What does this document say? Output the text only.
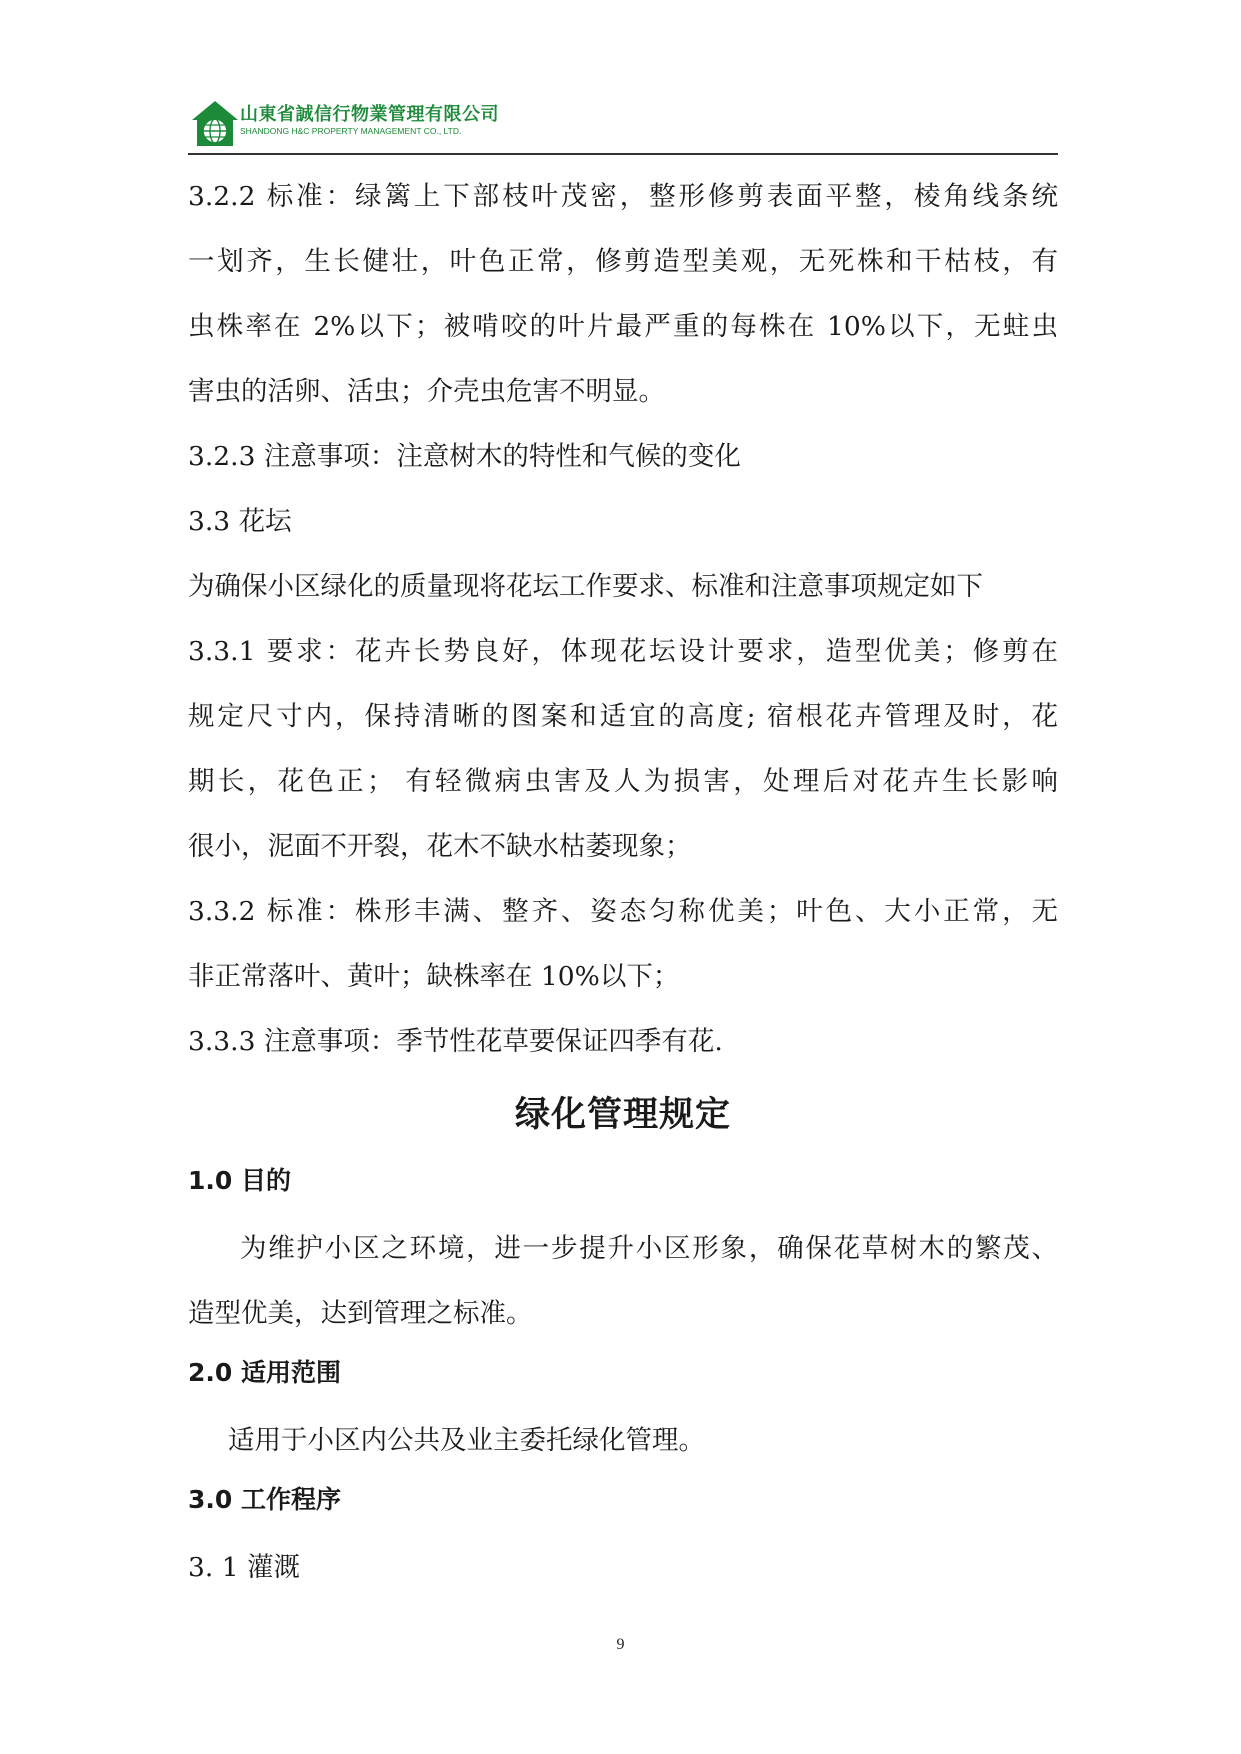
山東省誠信行物業管理有限公司
SHANDONG H&C PROPERTY MANAGEMENT CO., LTD.
3.2.2 标准：绿篱上下部枝叶茂密，整形修剪表面平整，棱角线条统
一划齐，生长健壮，叶色正常，修剪造型美观，无死株和干枯枝，有
虫株率在 2%以下；被啃咬的叶片最严重的每株在 10%以下，无蛀虫
害虫的活卵、活虫；介壳虫危害不明显。
3.2.3 注意事项：注意树木的特性和气候的变化
3.3 花坛
为确保小区绿化的质量现将花坛工作要求、标准和注意事项规定如下
3.3.1 要求：花卉长势良好，体现花坛设计要求，造型优美；修剪在
规定尺寸内，保持清晰的图案和适宜的高度; 宿根花卉管理及时，花
期长，花色正； 有轻微病虫害及人为损害，处理后对花卉生长影响
很小，泥面不开裂，花木不缺水枯萎现象；
3.3.2 标准：株形丰满、整齐、姿态匀称优美；叶色、大小正常，无
非正常落叶、黄叶；缺株率在 10%以下；
3.3.3 注意事项：季节性花草要保证四季有花.
绿化管理规定
1.0 目的
为维护小区之环境，进一步提升小区形象，确保花草树木的繁茂、
造型优美，达到管理之标准。
2.0 适用范围
适用于小区内公共及业主委托绿化管理。
3.0 工作程序
3. 1 灌溉
9
